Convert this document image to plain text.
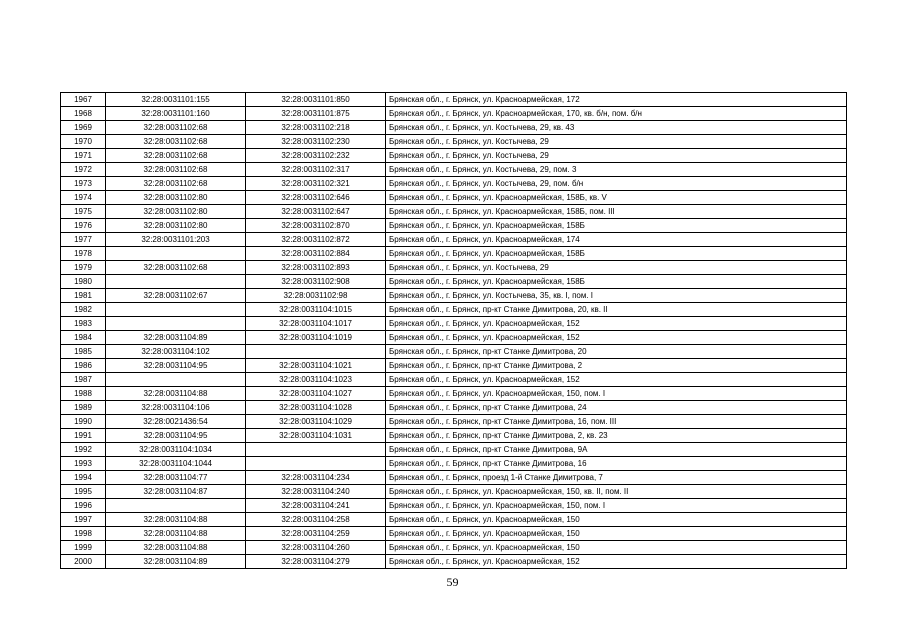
1967	32:28:0031101:155	32:28:0031101:850	Брянская обл., г. Брянск, ул. Красноармейская, 172
1968	32:28:0031101:160	32:28:0031101:875	Брянская обл., г. Брянск, ул. Красноармейская, 170, кв. б/н, пом. б/н
1969	32:28:0031102:68	32:28:0031102:218	Брянская обл., г. Брянск, ул. Костычева, 29, кв. 43
1970	32:28:0031102:68	32:28:0031102:230	Брянская обл., г. Брянск, ул. Костычева, 29
1971	32:28:0031102:68	32:28:0031102:232	Брянская обл., г. Брянск, ул. Костычева, 29
1972	32:28:0031102:68	32:28:0031102:317	Брянская обл., г. Брянск, ул. Костычева, 29, пом. 3
1973	32:28:0031102:68	32:28:0031102:321	Брянская обл., г. Брянск, ул. Костычева, 29, пом. б/н
1974	32:28:0031102:80	32:28:0031102:646	Брянская обл., г. Брянск, ул. Красноармейская, 158Б, кв. V
1975	32:28:0031102:80	32:28:0031102:647	Брянская обл., г. Брянск, ул. Красноармейская, 158Б, пом. III
1976	32:28:0031102:80	32:28:0031102:870	Брянская обл., г. Брянск, ул. Красноармейская, 158Б
1977	32:28:0031101:203	32:28:0031102:872	Брянская обл., г. Брянск, ул. Красноармейская, 174
1978		32:28:0031102:884	Брянская обл., г. Брянск, ул. Красноармейская, 158Б
1979	32:28:0031102:68	32:28:0031102:893	Брянская обл., г. Брянск, ул. Костычева, 29
1980		32:28:0031102:908	Брянская обл., г. Брянск, ул. Красноармейская, 158Б
1981	32:28:0031102:67	32:28:0031102:98	Брянская обл., г. Брянск, ул. Костычева, 35, кв. I, пом. I
1982		32:28:0031104:1015	Брянская обл., г. Брянск, пр-кт Станке Димитрова, 20, кв. II
1983		32:28:0031104:1017	Брянская обл., г. Брянск, ул. Красноармейская, 152
1984	32:28:0031104:89	32:28:0031104:1019	Брянская обл., г. Брянск, ул. Красноармейская, 152
1985	32:28:0031104:102		Брянская обл., г. Брянск, пр-кт Станке Димитрова, 20
1986	32:28:0031104:95	32:28:0031104:1021	Брянская обл., г. Брянск, пр-кт Станке Димитрова, 2
1987		32:28:0031104:1023	Брянская обл., г. Брянск, ул. Красноармейская, 152
1988	32:28:0031104:88	32:28:0031104:1027	Брянская обл., г. Брянск, ул. Красноармейская, 150, пом. I
1989	32:28:0031104:106	32:28:0031104:1028	Брянская обл., г. Брянск, пр-кт Станке Димитрова, 24
1990	32:28:0021436:54	32:28:0031104:1029	Брянская обл., г. Брянск, пр-кт Станке Димитрова, 16, пом. III
1991	32:28:0031104:95	32:28:0031104:1031	Брянская обл., г. Брянск, пр-кт Станке Димитрова, 2, кв. 23
1992	32:28:0031104:1034		Брянская обл., г. Брянск, пр-кт Станке Димитрова, 9А
1993	32:28:0031104:1044		Брянская обл., г. Брянск, пр-кт Станке Димитрова, 16
1994	32:28:0031104:77	32:28:0031104:234	Брянская обл., г. Брянск, проезд 1-й Станке Димитрова, 7
1995	32:28:0031104:87	32:28:0031104:240	Брянская обл., г. Брянск, ул. Красноармейская, 150, кв. II, пом. II
1996		32:28:0031104:241	Брянская обл., г. Брянск, ул. Красноармейская, 150, пом. I
1997	32:28:0031104:88	32:28:0031104:258	Брянская обл., г. Брянск, ул. Красноармейская, 150
1998	32:28:0031104:88	32:28:0031104:259	Брянская обл., г. Брянск, ул. Красноармейская, 150
1999	32:28:0031104:88	32:28:0031104:260	Брянская обл., г. Брянск, ул. Красноармейская, 150
2000	32:28:0031104:89	32:28:0031104:279	Брянская обл., г. Брянск, ул. Красноармейская, 152
59
